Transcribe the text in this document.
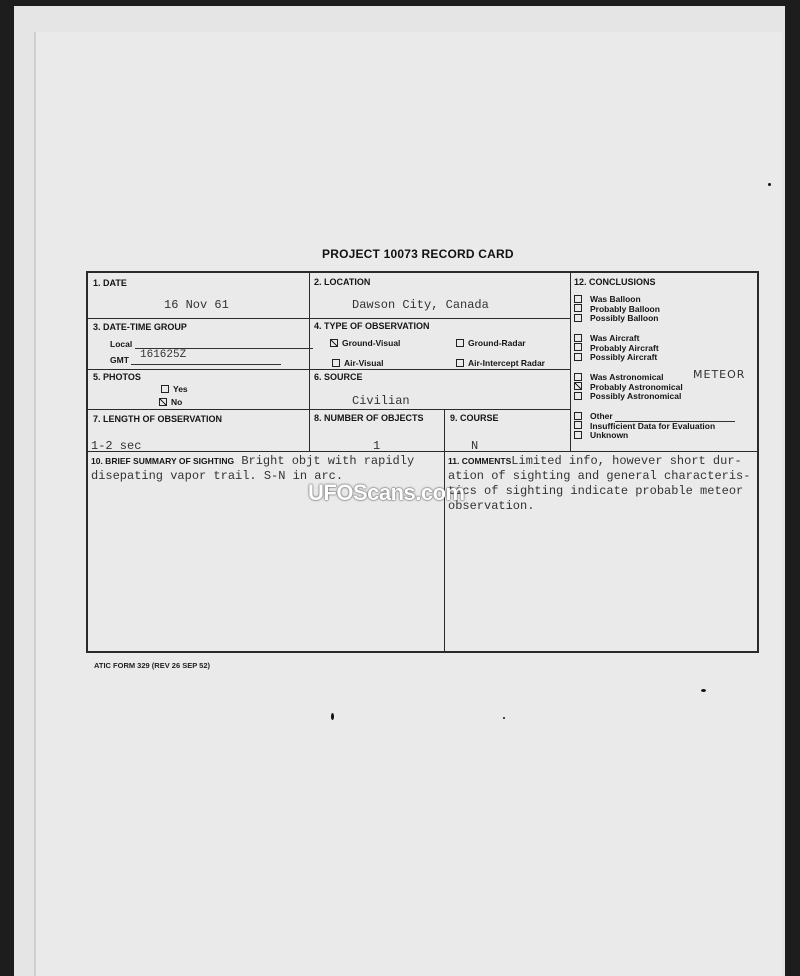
PROJECT 10073 RECORD CARD
1. DATE
16 Nov 61
2. LOCATION
Dawson City, Canada
3. DATE-TIME GROUP
Local
GMT	161625Z
4. TYPE OF OBSERVATION
Ground-Visual	Ground-Radar
Air-Visual	Air-Intercept Radar
5. PHOTOS
Yes
No
6. SOURCE
Civilian
7. LENGTH OF OBSERVATION
1-2 sec
8. NUMBER OF OBJECTS
1
9. COURSE
N
12. CONCLUSIONS
Was Balloon
Probably Balloon
Possibly Balloon
Was Aircraft
Probably Aircraft
Possibly Aircraft
Was Astronomical
Probably Astronomical
Possibly Astronomical
METEOR
Other
Insufficient Data for Evaluation
Unknown
10. BRIEF SUMMARY OF SIGHTING Bright objt with rapidly
disepating vapor trail. S-N in arc.
11. COMMENTSLimited info, however short dur-
ation of sighting and general characteris-
tics of sighting indicate probable meteor
observation.
UFOScans.com
ATIC FORM 329 (REV 26 SEP 52)
